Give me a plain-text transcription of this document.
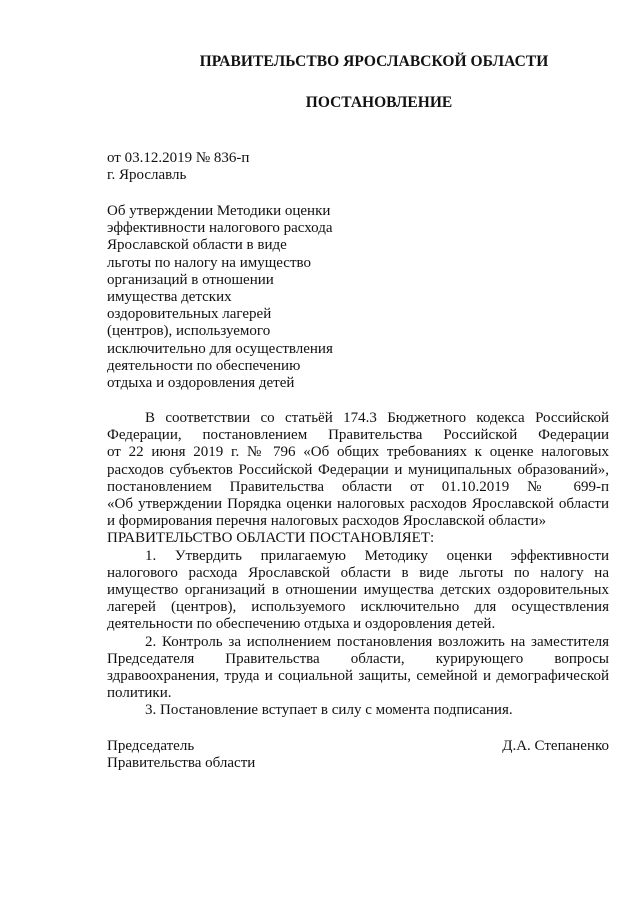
ПРАВИТЕЛЬСТВО ЯРОСЛАВСКОЙ ОБЛАСТИ
ПОСТАНОВЛЕНИЕ
от 03.12.2019 № 836-п
г. Ярославль
Об утверждении Методики оценки
эффективности налогового расхода
Ярославской области в виде
льготы по налогу на имущество
организаций в отношении
имущества детских
оздоровительных лагерей
(центров), используемого
исключительно для осуществления
деятельности по обеспечению
отдыха и оздоровления детей
В соответствии со статьёй 174.3 Бюджетного кодекса Российской
Федерации, постановлением Правительства Российской Федерации
от 22 июня 2019 г. № 796 «Об общих требованиях к оценке налоговых
расходов субъектов Российской Федерации и муниципальных образований»,
постановлением Правительства области от 01.10.2019 № 699-п
«Об утверждении Порядка оценки налоговых расходов Ярославской области
и формирования перечня налоговых расходов Ярославской области»
ПРАВИТЕЛЬСТВО ОБЛАСТИ ПОСТАНОВЛЯЕТ:
1. Утвердить прилагаемую Методику оценки эффективности
налогового расхода Ярославской области в виде льготы по налогу на
имущество организаций в отношении имущества детских оздоровительных
лагерей (центров), используемого исключительно для осуществления
деятельности по обеспечению отдыха и оздоровления детей.
2. Контроль за исполнением постановления возложить на заместителя
Председателя Правительства области, курирующего вопросы
здравоохранения, труда и социальной защиты, семейной и демографической
политики.
3. Постановление вступает в силу с момента подписания.
Председатель
Правительства области
Д.А. Степаненко
